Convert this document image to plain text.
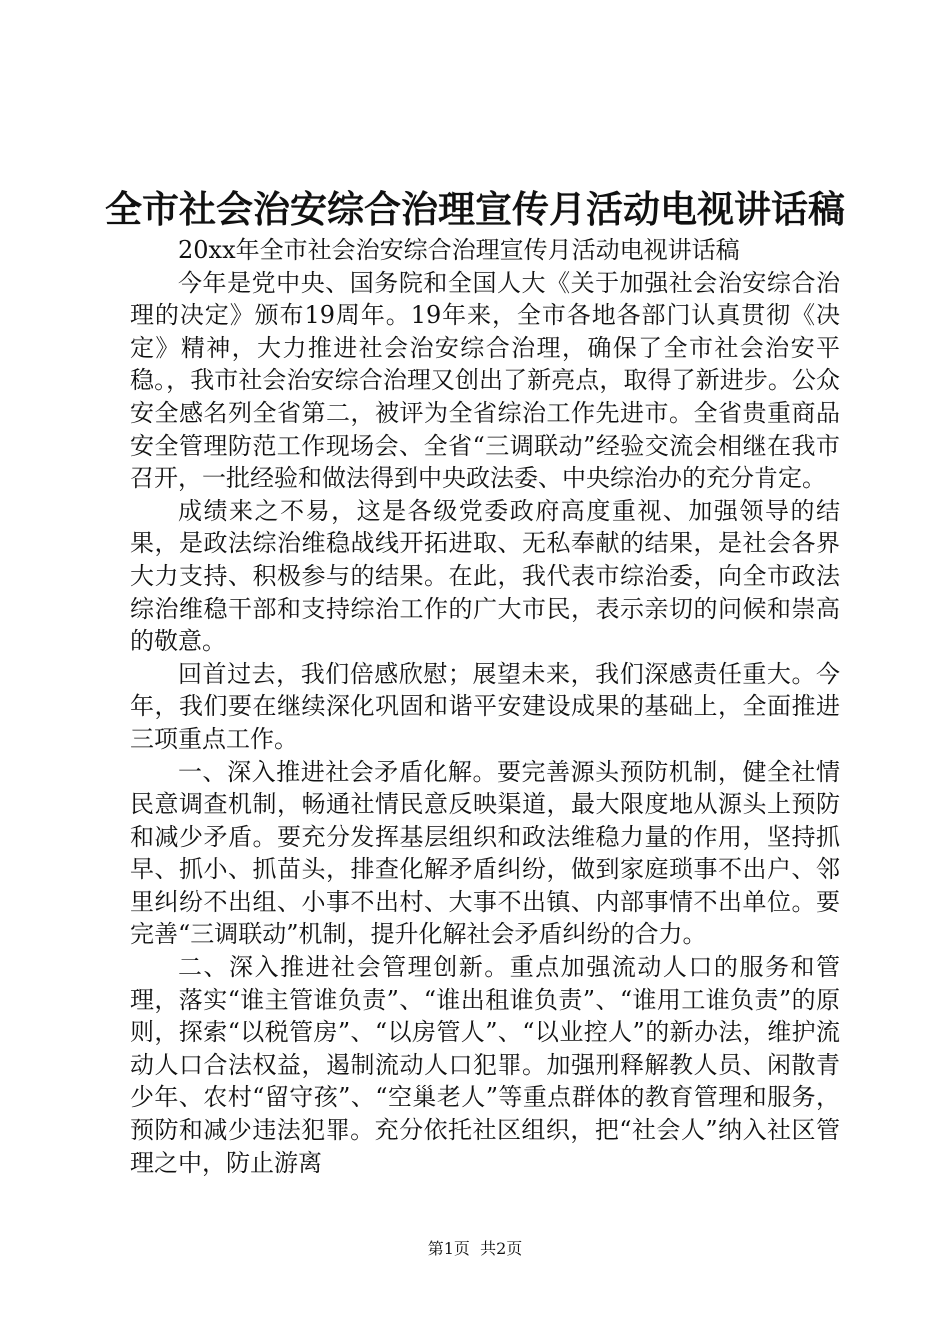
全市社会治安综合治理宣传月活动电视讲话稿

20xx年全市社会治安综合治理宣传月活动电视讲话稿

今年是党中央、国务院和全国人大《关于加强社会治安综合治理的决定》颁布19周年。19年来，全市各地各部门认真贯彻《决定》精神，大力推进社会治安综合治理，确保了全市社会治安平稳。，我市社会治安综合治理又创出了新亮点，取得了新进步。公众安全感名列全省第二，被评为全省综治工作先进市。全省贵重商品安全管理防范工作现场会、全省“三调联动”经验交流会相继在我市召开，一批经验和做法得到中央政法委、中央综治办的充分肯定。

成绩来之不易，这是各级党委政府高度重视、加强领导的结果，是政法综治维稳战线开拓进取、无私奉献的结果，是社会各界大力支持、积极参与的结果。在此，我代表市综治委，向全市政法综治维稳干部和支持综治工作的广大市民，表示亲切的问候和崇高的敬意。

回首过去，我们倍感欣慰；展望未来，我们深感责任重大。今年，我们要在继续深化巩固和谐平安建设成果的基础上，全面推进三项重点工作。

一、深入推进社会矛盾化解。要完善源头预防机制，健全社情民意调查机制，畅通社情民意反映渠道，最大限度地从源头上预防和减少矛盾。要充分发挥基层组织和政法维稳力量的作用，坚持抓早、抓小、抓苗头，排查化解矛盾纠纷，做到家庭琐事不出户、邻里纠纷不出组、小事不出村、大事不出镇、内部事情不出单位。要完善“三调联动”机制，提升化解社会矛盾纠纷的合力。

二、深入推进社会管理创新。重点加强流动人口的服务和管理，落实“谁主管谁负责”、“谁出租谁负责”、“谁用工谁负责”的原则，探索“以税管房”、“以房管人”、“以业控人”的新办法，维护流动人口合法权益，遏制流动人口犯罪。加强刑释解教人员、闲散青少年、农村“留守孩”、“空巢老人”等重点群体的教育管理和服务，预防和减少违法犯罪。充分依托社区组织，把“社会人”纳入社区管理之中，防止游离

第1页  共2页
